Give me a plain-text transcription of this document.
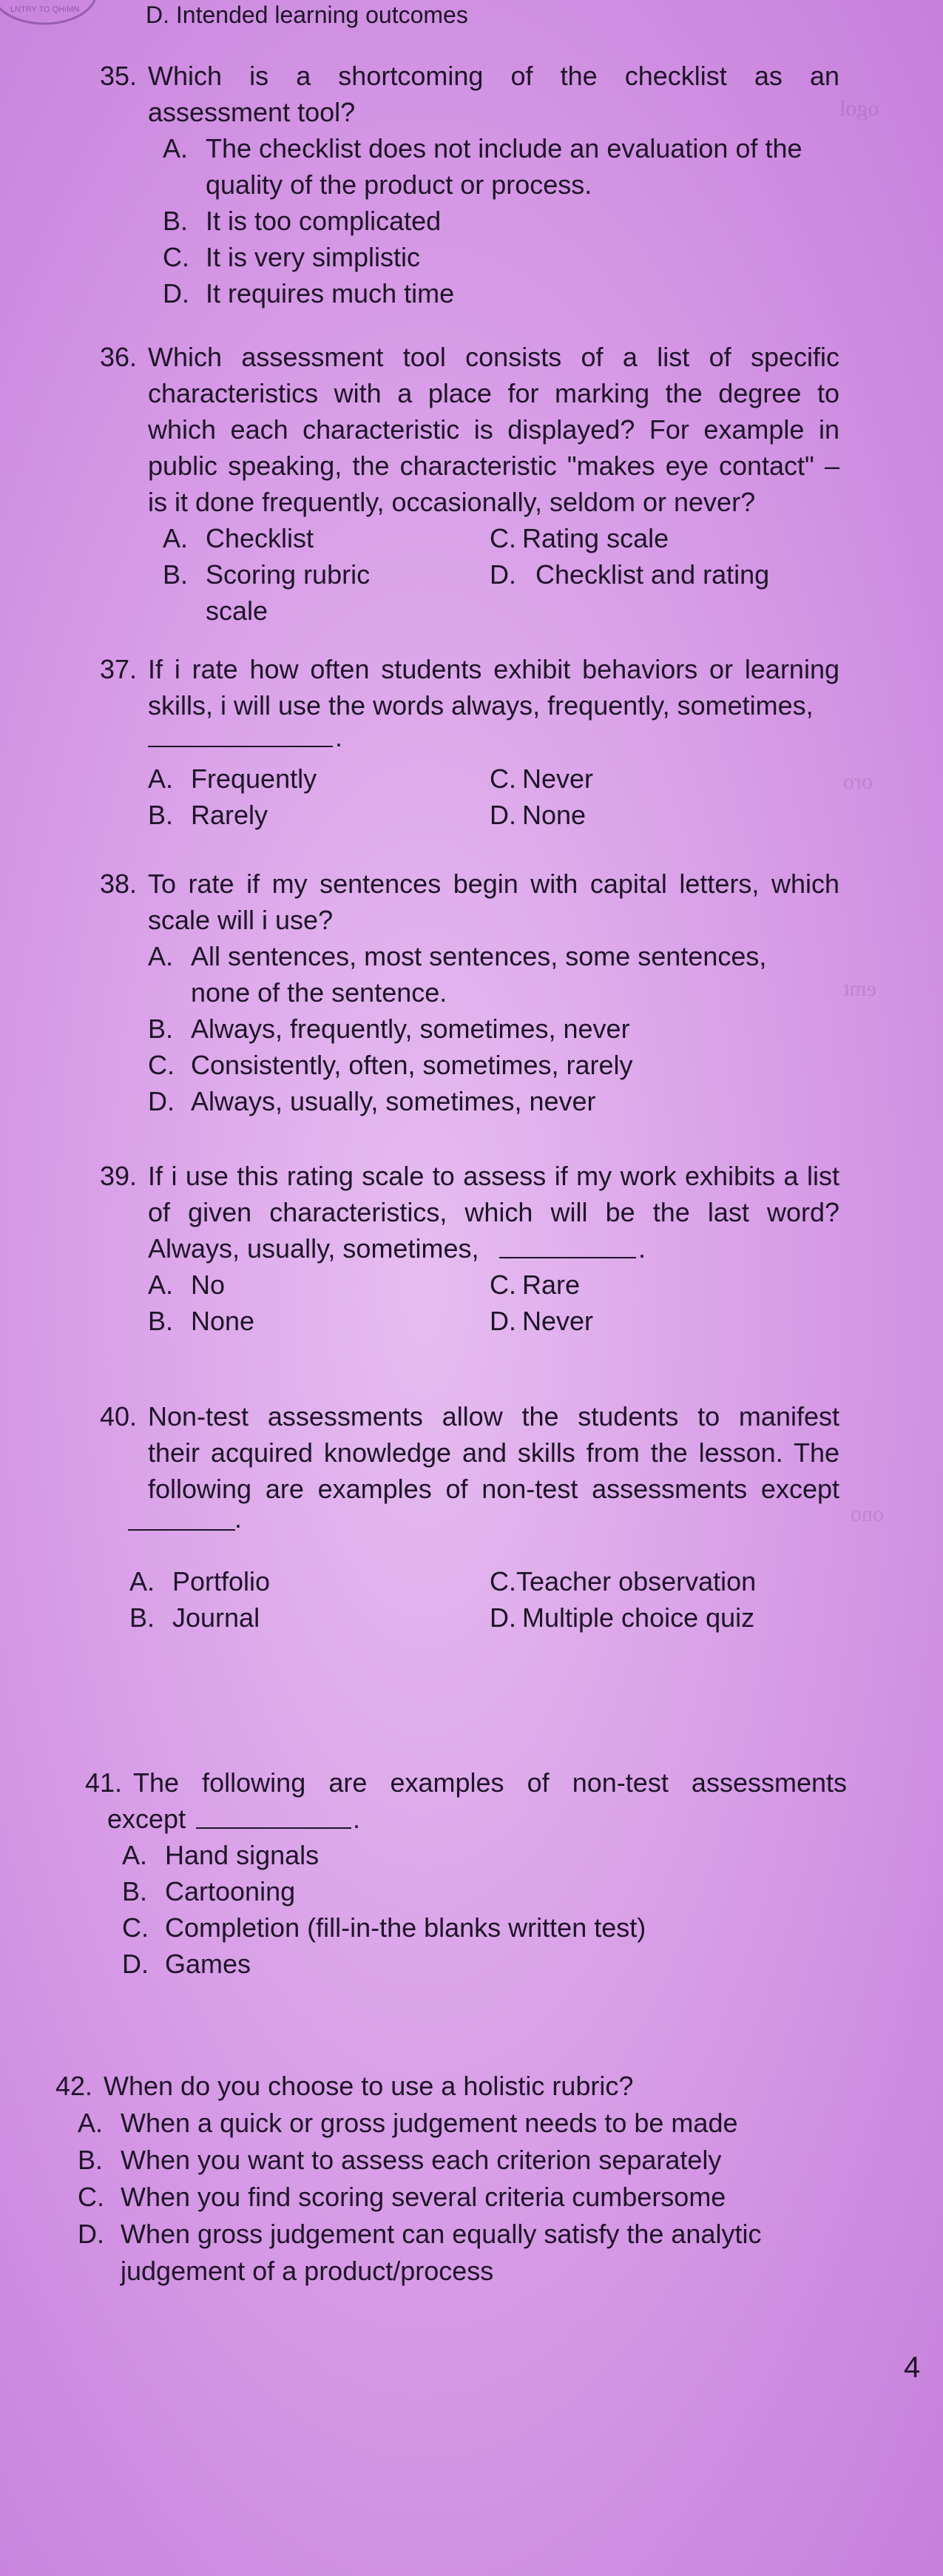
ogol
oro
emt
ono
LNTRY TO QHIMN	D. Intended learning outcomes
35. Which is a shortcoming of the checklist as an
assessment tool?
A. The checklist does not include an evaluation of the
quality of the product or process.
B. It is too complicated
C. It is very simplistic
D. It requires much time
36. Which assessment tool consists of a list of specific
characteristics with a place for marking the degree to
which each characteristic is displayed? For example in
public speaking, the characteristic "makes eye contact" –
is it done frequently, occasionally, seldom or never?
A. Checklist	C. Rating scale
B. Scoring rubric	D. Checklist and rating
scale
37. If i rate how often students exhibit behaviors or learning
skills, i will use the words always, frequently, sometimes,
.
A. Frequently	C. Never
B. Rarely	D. None
38. To rate if my sentences begin with capital letters, which
scale will i use?
A. All sentences, most sentences, some sentences,
none of the sentence.
B. Always, frequently, sometimes, never
C. Consistently, often, sometimes, rarely
D. Always, usually, sometimes, never
39. If i use this rating scale to assess if my work exhibits a list
of given characteristics, which will be the last word?
Always, usually, sometimes,	.
A. No	C. Rare
B. None	D. Never
40. Non-test assessments allow the students to manifest
their acquired knowledge and skills from the lesson. The
following are examples of non-test assessments except
.
A. Portfolio	C.Teacher observation
B. Journal	D. Multiple choice quiz
41. The following are examples of non-test assessments
except	.
A. Hand signals
B. Cartooning
C. Completion (fill-in-the blanks written test)
D. Games
42. When do you choose to use a holistic rubric?
A. When a quick or gross judgement needs to be made
B. When you want to assess each criterion separately
C. When you find scoring several criteria cumbersome
D. When gross judgement can equally satisfy the analytic
judgement of a product/process
4
